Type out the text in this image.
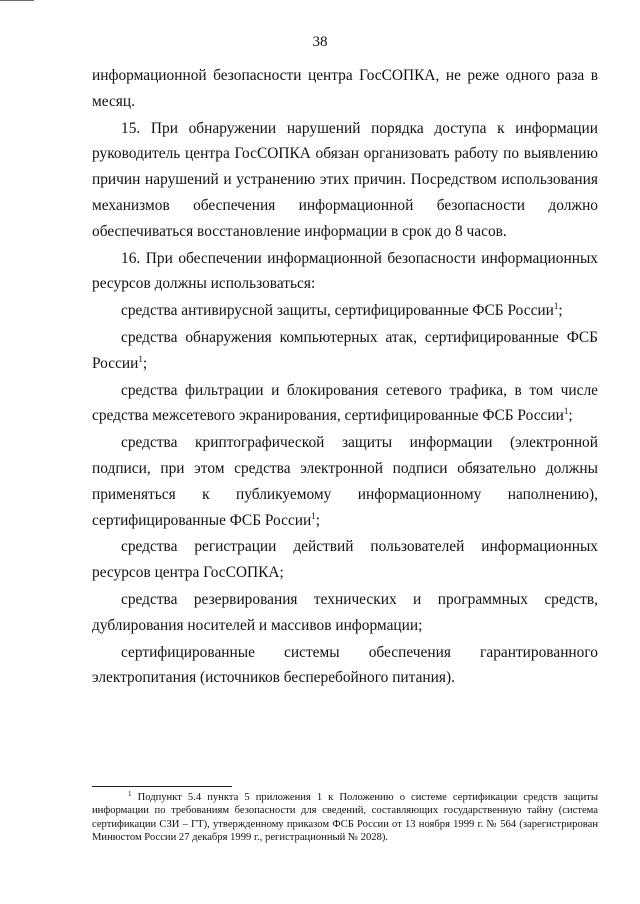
38

информационной безопасности центра ГосСОПКА, не реже одного раза в месяц.

15. При обнаружении нарушений порядка доступа к информации руководитель центра ГосСОПКА обязан организовать работу по выявлению причин нарушений и устранению этих причин. Посредством использования механизмов обеспечения информационной безопасности должно обеспечиваться восстановление информации в срок до 8 часов.

16. При обеспечении информационной безопасности информационных ресурсов должны использоваться:

средства антивирусной защиты, сертифицированные ФСБ России$^1$;

средства обнаружения компьютерных атак, сертифицированные ФСБ России$^1$;

средства фильтрации и блокирования сетевого трафика, в том числе средства межсетевого экранирования, сертифицированные ФСБ России$^1$;

средства криптографической защиты информации (электронной подписи, при этом средства электронной подписи обязательно должны применяться к публикуемому информационному наполнению), сертифицированные ФСБ России$^1$;

средства регистрации действий пользователей информационных ресурсов центра ГосСОПКА;

средства резервирования технических и программных средств, дублирования носителей и массивов информации;

сертифицированные системы обеспечения гарантированного электропитания (источников бесперебойного питания).

$^1$ Подпункт 5.4 пункта 5 приложения 1 к Положению о системе сертификации средств защиты информации по требованиям безопасности для сведений, составляющих государственную тайну (система сертификации СЗИ – ГТ), утвержденному приказом ФСБ России от 13 ноября 1999 г. № 564 (зарегистрирован Минюстом России 27 декабря 1999 г., регистрационный № 2028).
